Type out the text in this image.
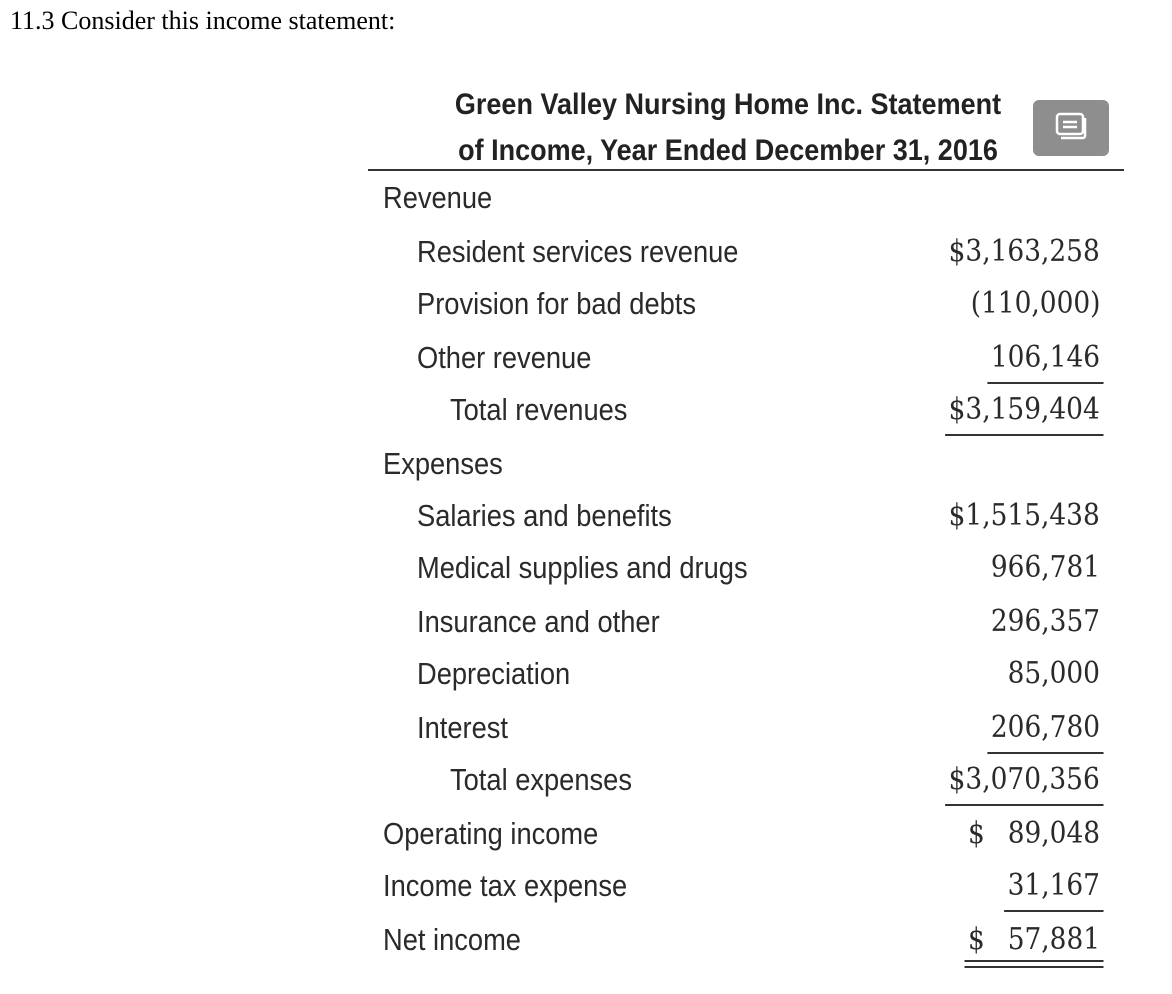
11.3 Consider this income statement:
Green Valley Nursing Home Inc. Statement
of Income, Year Ended December 31, 2016
Revenue
Resident services revenue	$3,163,258
Provision for bad debts	(110,000)
Other revenue	106,146
Total revenues	$3,159,404
Expenses
Salaries and benefits	$1,515,438
Medical supplies and drugs	966,781
Insurance and other	296,357
Depreciation	85,000
Interest	206,780
Total expenses	$3,070,356
Operating income	$ 89,048
Income tax expense	31,167
Net income	$ 57,881
